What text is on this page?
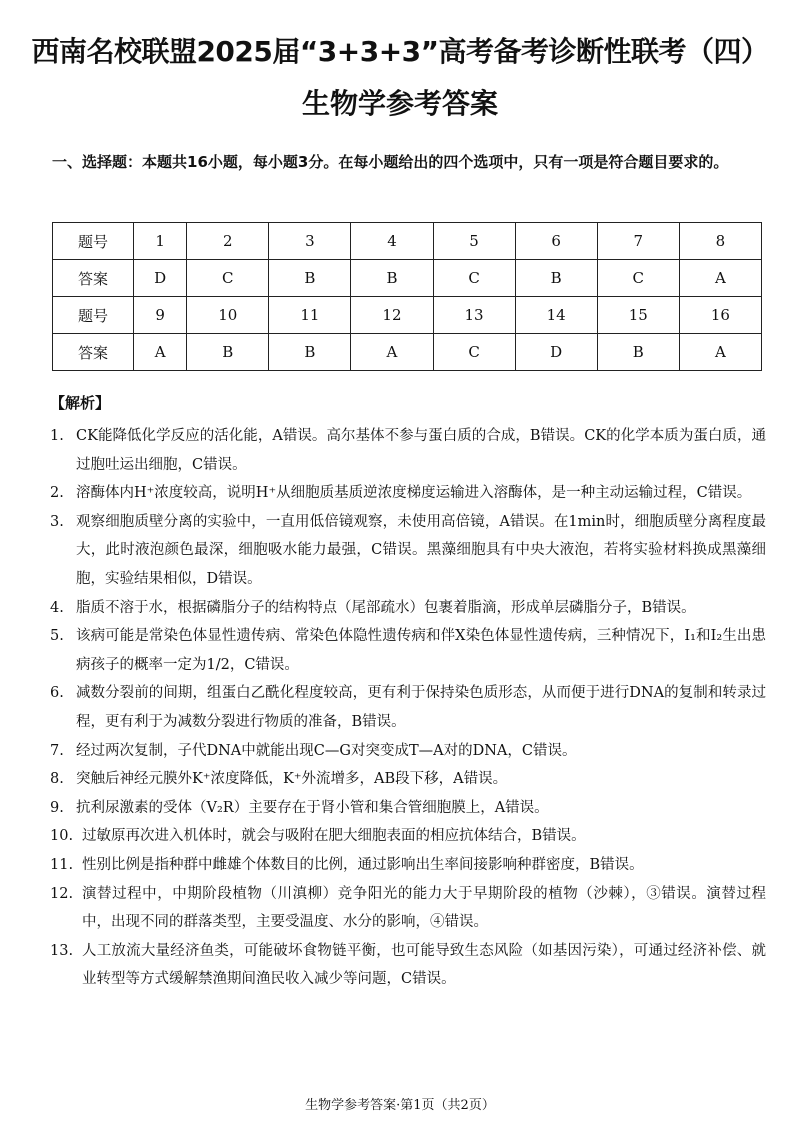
西南名校联盟2025届“3+3+3”高考备考诊断性联考（四）
生物学参考答案
一、选择题：本题共16小题，每小题3分。在每小题给出的四个选项中，只有一项是符合题目要求的。
题号	1	2	3	4	5	6	7	8
答案	D	C	B	B	C	B	C	A
题号	9	10	11	12	13	14	15	16
答案	A	B	B	A	C	D	B	A
【解析】
1. CK能降低化学反应的活化能，A错误。高尔基体不参与蛋白质的合成，B错误。CK的化学本质为蛋白质，通过胞吐运出细胞，C错误。
2. 溶酶体内H⁺浓度较高，说明H⁺从细胞质基质逆浓度梯度运输进入溶酶体，是一种主动运输过程，C错误。
3. 观察细胞质壁分离的实验中，一直用低倍镜观察，未使用高倍镜，A错误。在1min时，细胞质壁分离程度最大，此时液泡颜色最深，细胞吸水能力最强，C错误。黑藻细胞具有中央大液泡，若将实验材料换成黑藻细胞，实验结果相似，D错误。
4. 脂质不溶于水，根据磷脂分子的结构特点（尾部疏水）包裹着脂滴，形成单层磷脂分子，B错误。
5. 该病可能是常染色体显性遗传病、常染色体隐性遗传病和伴X染色体显性遗传病，三种情况下，Ⅰ₁和Ⅰ₂生出患病孩子的概率一定为1/2，C错误。
6. 减数分裂前的间期，组蛋白乙酰化程度较高，更有利于保持染色质形态，从而便于进行DNA的复制和转录过程，更有利于为减数分裂进行物质的准备，B错误。
7. 经过两次复制，子代DNA中就能出现C—G对突变成T—A对的DNA，C错误。
8. 突触后神经元膜外K⁺浓度降低，K⁺外流增多，AB段下移，A错误。
9. 抗利尿激素的受体（V₂R）主要存在于肾小管和集合管细胞膜上，A错误。
10. 过敏原再次进入机体时，就会与吸附在肥大细胞表面的相应抗体结合，B错误。
11. 性别比例是指种群中雌雄个体数目的比例，通过影响出生率间接影响种群密度，B错误。
12. 演替过程中，中期阶段植物（川滇柳）竞争阳光的能力大于早期阶段的植物（沙棘），③错误。演替过程中，出现不同的群落类型，主要受温度、水分的影响，④错误。
13. 人工放流大量经济鱼类，可能破坏食物链平衡，也可能导致生态风险（如基因污染），可通过经济补偿、就业转型等方式缓解禁渔期间渔民收入减少等问题，C错误。
生物学参考答案·第1页（共2页）
